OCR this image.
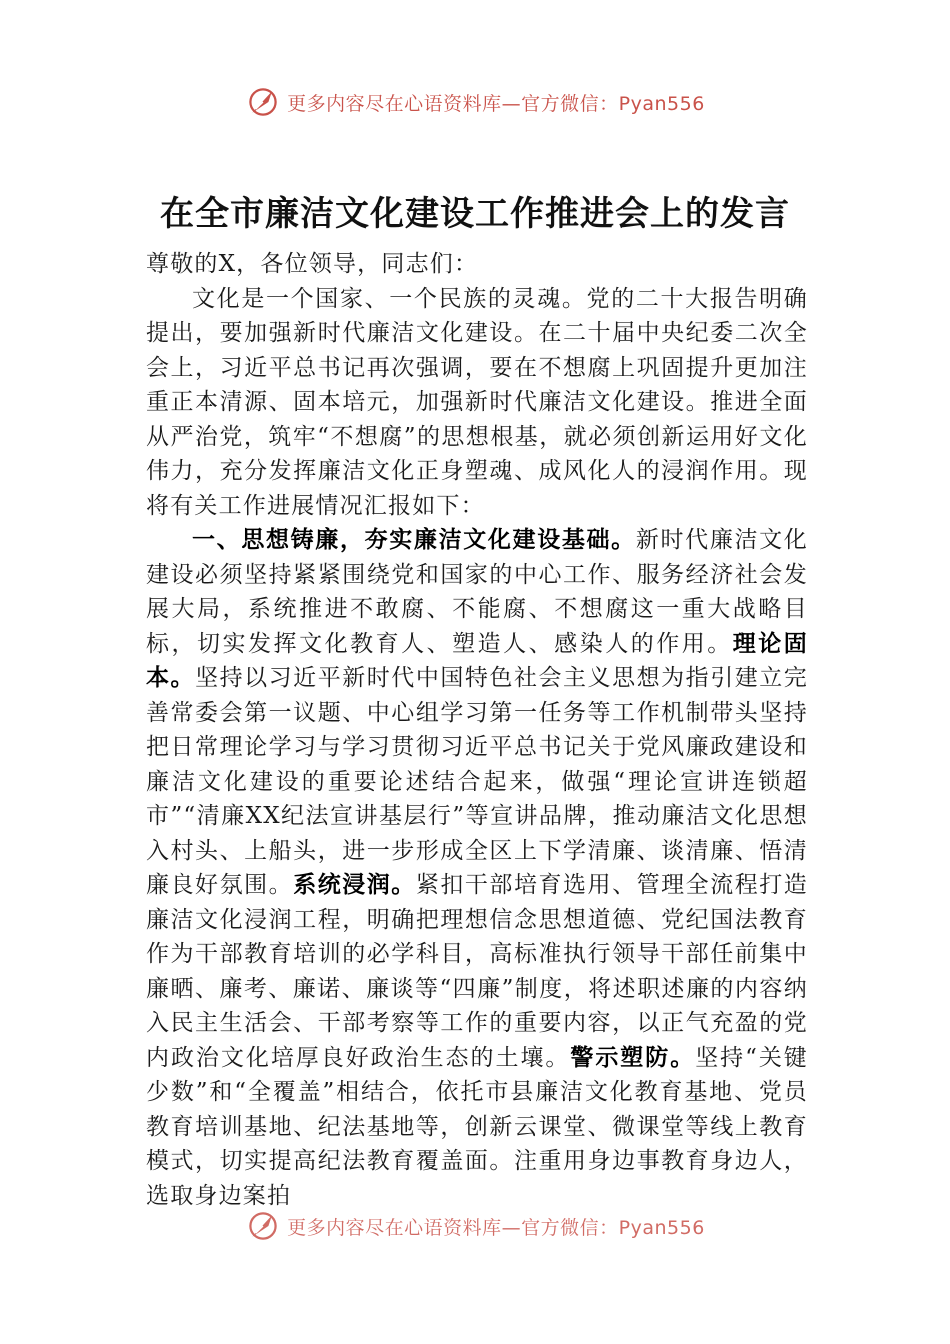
更多内容尽在心语资料库—官方微信：Pyan556
在全市廉洁文化建设工作推进会上的发言

尊敬的X，各位领导，同志们：

文化是一个国家、一个民族的灵魂。党的二十大报告明确提出，要加强新时代廉洁文化建设。在二十届中央纪委二次全会上，习近平总书记再次强调，要在不想腐上巩固提升更加注重正本清源、固本培元，加强新时代廉洁文化建设。推进全面从严治党，筑牢“不想腐”的思想根基，就必须创新运用好文化伟力，充分发挥廉洁文化正身塑魂、成风化人的浸润作用。现将有关工作进展情况汇报如下：

一、思想铸廉，夯实廉洁文化建设基础。新时代廉洁文化建设必须坚持紧紧围绕党和国家的中心工作、服务经济社会发展大局，系统推进不敢腐、不能腐、不想腐这一重大战略目标，切实发挥文化教育人、塑造人、感染人的作用。理论固本。坚持以习近平新时代中国特色社会主义思想为指引建立完善常委会第一议题、中心组学习第一任务等工作机制带头坚持把日常理论学习与学习贯彻习近平总书记关于党风廉政建设和廉洁文化建设的重要论述结合起来，做强“理论宣讲连锁超市”“清廉XX纪法宣讲基层行”等宣讲品牌，推动廉洁文化思想入村头、上船头，进一步形成全区上下学清廉、谈清廉、悟清廉良好氛围。系统浸润。紧扣干部培育选用、管理全流程打造廉洁文化浸润工程，明确把理想信念思想道德、党纪国法教育作为干部教育培训的必学科目，高标准执行领导干部任前集中廉晒、廉考、廉诺、廉谈等“四廉”制度，将述职述廉的内容纳入民主生活会、干部考察等工作的重要内容，以正气充盈的党内政治文化培厚良好政治生态的土壤。警示塑防。坚持“关键少数”和“全覆盖”相结合，依托市县廉洁文化教育基地、党员教育培训基地、纪法基地等，创新云课堂、微课堂等线上教育模式，切实提高纪法教育覆盖面。注重用身边事教育身边人，选取身边案拍

更多内容尽在心语资料库—官方微信：Pyan556
